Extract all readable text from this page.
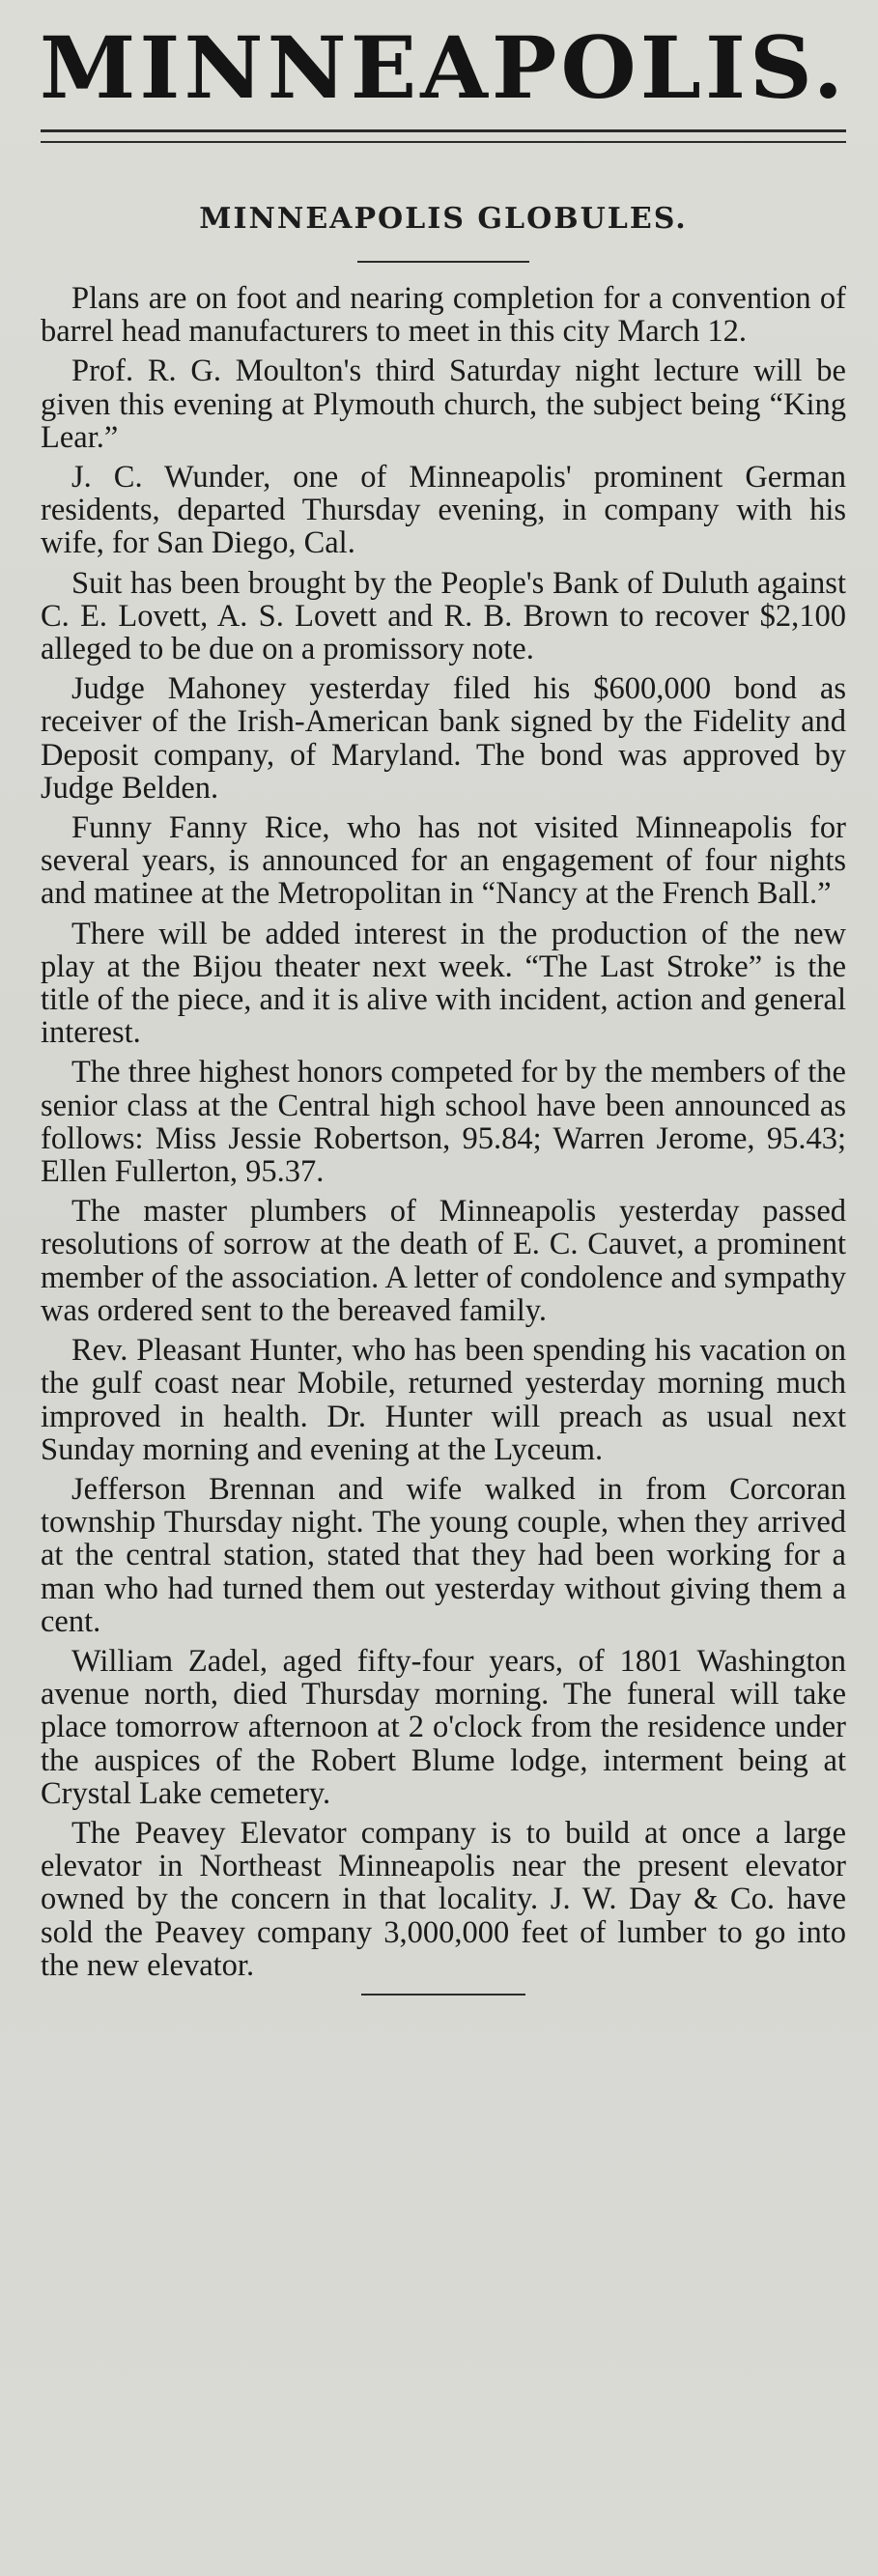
MINNEAPOLIS.
MINNEAPOLIS GLOBULES.

Plans are on foot and nearing completion for a convention of barrel head manufacturers to meet in this city March 12.

Prof. R. G. Moulton's third Saturday night lecture will be given this evening at Plymouth church, the subject being “King Lear.”

J. C. Wunder, one of Minneapolis' prominent German residents, departed Thursday evening, in company with his wife, for San Diego, Cal.

Suit has been brought by the People's Bank of Duluth against C. E. Lovett, A. S. Lovett and R. B. Brown to recover $2,100 alleged to be due on a promissory note.

Judge Mahoney yesterday filed his $600,000 bond as receiver of the Irish-American bank signed by the Fidelity and Deposit company, of Maryland. The bond was approved by Judge Belden.

Funny Fanny Rice, who has not visited Minneapolis for several years, is announced for an engagement of four nights and matinee at the Metropolitan in “Nancy at the French Ball.”

There will be added interest in the production of the new play at the Bijou theater next week. “The Last Stroke” is the title of the piece, and it is alive with incident, action and general interest.

The three highest honors competed for by the members of the senior class at the Central high school have been announced as follows: Miss Jessie Robertson, 95.84; Warren Jerome, 95.43; Ellen Fullerton, 95.37.

The master plumbers of Minneapolis yesterday passed resolutions of sorrow at the death of E. C. Cauvet, a prominent member of the association. A letter of condolence and sympathy was ordered sent to the bereaved family.

Rev. Pleasant Hunter, who has been spending his vacation on the gulf coast near Mobile, returned yesterday morning much improved in health. Dr. Hunter will preach as usual next Sunday morning and evening at the Lyceum.

Jefferson Brennan and wife walked in from Corcoran township Thursday night. The young couple, when they arrived at the central station, stated that they had been working for a man who had turned them out yesterday without giving them a cent.

William Zadel, aged fifty-four years, of 1801 Washington avenue north, died Thursday morning. The funeral will take place tomorrow afternoon at 2 o'clock from the residence under the auspices of the Robert Blume lodge, interment being at Crystal Lake cemetery.

The Peavey Elevator company is to build at once a large elevator in Northeast Minneapolis near the present elevator owned by the concern in that locality. J. W. Day & Co. have sold the Peavey company 3,000,000 feet of lumber to go into the new elevator.
